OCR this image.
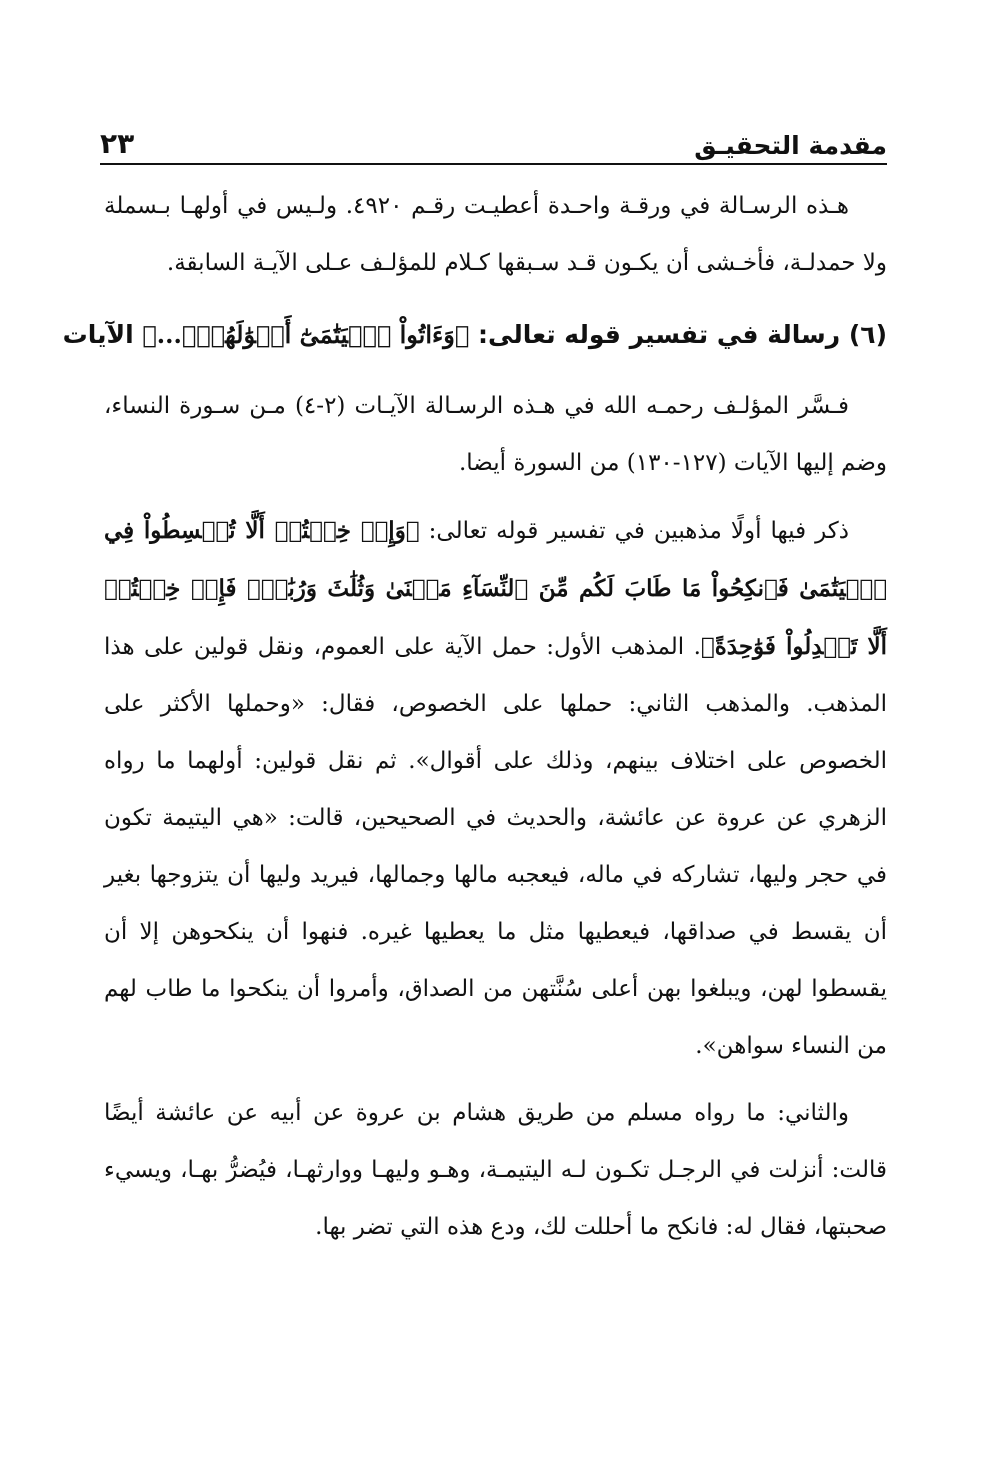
مقدمة التحقيـق
٢٣

هـذه الرسـالة في ورقـة واحـدة أعطيـت رقـم ٤٩٢٠. ولـيس في أولهـا بـسملة ولا حمدلـة، فأخـشى أن يكـون قـد سـبقها كـلام للمؤلـف عـلى الآيـة السابقة.

(٦) رسالة في تفسير قوله تعالى: ﴿وَءَاتُواْ ٱلۡيَتَٰمَىٰٓ أَمۡوَٰلَهُمۡۖ...﴾ الآيات

فـسَّر المؤلـف رحمـه الله في هـذه الرسـالة الآيـات (٢-٤) مـن سـورة النساء، وضم إليها الآيات (١٢٧-١٣٠) من السورة أيضا.

ذكر فيها أولًا مذهبين في تفسير قوله تعالى: ﴿وَإِنۡ خِفۡتُمۡ أَلَّا تُقۡسِطُواْ فِي ٱلۡيَتَٰمَىٰ فَٱنكِحُواْ مَا طَابَ لَكُم مِّنَ ٱلنِّسَآءِ مَثۡنَىٰ وَثُلَٰثَ وَرُبَٰعَۖ فَإِنۡ خِفۡتُمۡ أَلَّا تَعۡدِلُواْ فَوَٰحِدَةً﴾. المذهب الأول: حمل الآية على العموم، ونقل قولين على هذا المذهب. والمذهب الثاني: حملها على الخصوص، فقال: «وحملها الأكثر على الخصوص على اختلاف بينهم، وذلك على أقوال». ثم نقل قولين: أولهما ما رواه الزهري عن عروة عن عائشة، والحديث في الصحيحين، قالت: «هي اليتيمة تكون في حجر وليها، تشاركه في ماله، فيعجبه مالها وجمالها، فيريد وليها أن يتزوجها بغير أن يقسط في صداقها، فيعطيها مثل ما يعطيها غيره. فنهوا أن ينكحوهن إلا أن يقسطوا لهن، ويبلغوا بهن أعلى سُنَّتهن من الصداق، وأمروا أن ينكحوا ما طاب لهم من النساء سواهن».

والثاني: ما رواه مسلم من طريق هشام بن عروة عن أبيه عن عائشة أيضًا قالت: أنزلت في الرجـل تكـون لـه اليتيمـة، وهـو وليهـا ووارثهـا، فيُضرُّ بهـا، ويسيء صحبتها، فقال له: فانكح ما أحللت لك، ودع هذه التي تضر بها.
